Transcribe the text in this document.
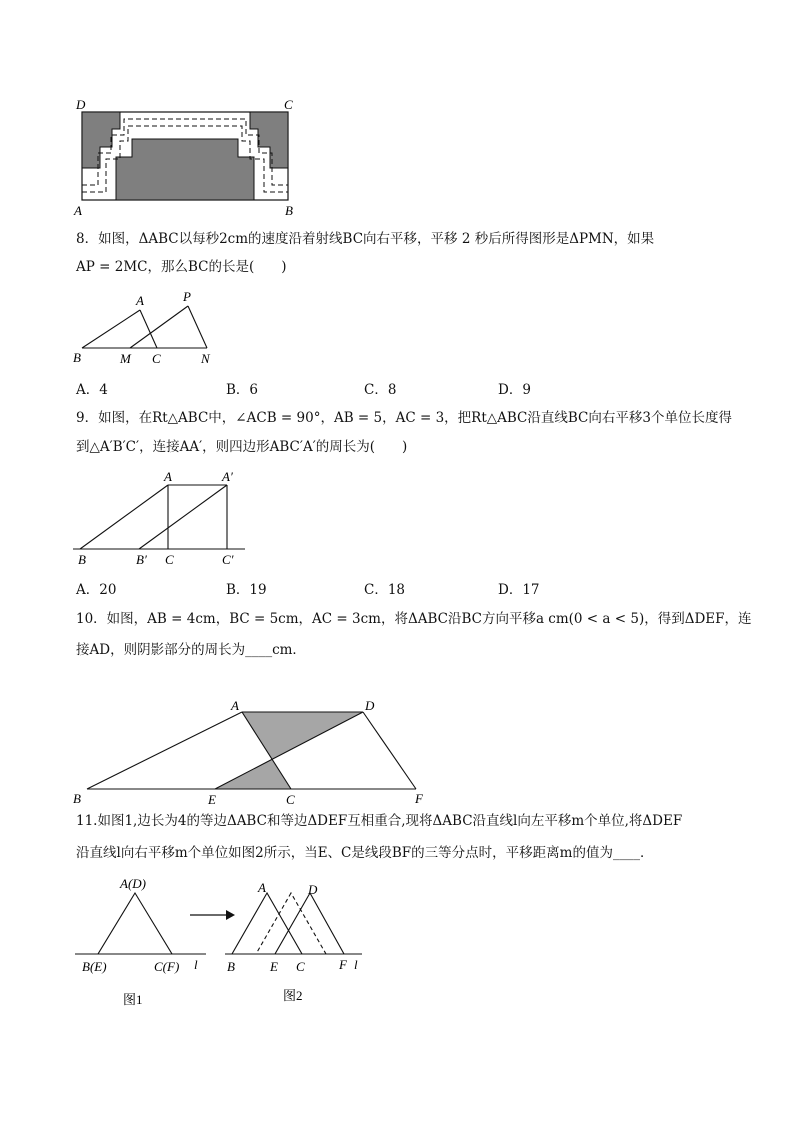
D	C
A	B
8．如图，ΔABC以每秒2cm的速度沿着射线BC向右平移，平移 2 秒后所得图形是ΔPMN，如果
AP = 2MC，那么BC的长是(　　)
A	P
B	M C	N
A．4	B．6	C．8	D．9
9．如图，在Rt△ABC中，∠ACB = 90°，AB = 5，AC = 3，把Rt△ABC沿直线BC向右平移3个单位长度得
到△A′B′C′，连接AA′，则四边形ABC′A′的周长为(　　)
A	A′
B	B′ C	C′
A．20	B．19	C．18	D．17
10．如图，AB = 4cm，BC = 5cm，AC = 3cm，将ΔABC沿BC方向平移a cm(0 < a < 5)，得到ΔDEF，连
接AD，则阴影部分的周长为____cm．
A	D
B	E	C	F
11.如图1,边长为4的等边ΔABC和等边ΔDEF互相重合,现将ΔABC沿直线l向左平移m个单位,将ΔDEF
沿直线l向右平移m个单位如图2所示，当E、C是线段BF的三等分点时，平移距离m的值为____．
A(D)
B(E)	C(F) l
图1
A	D
B	E C	F l
图2
